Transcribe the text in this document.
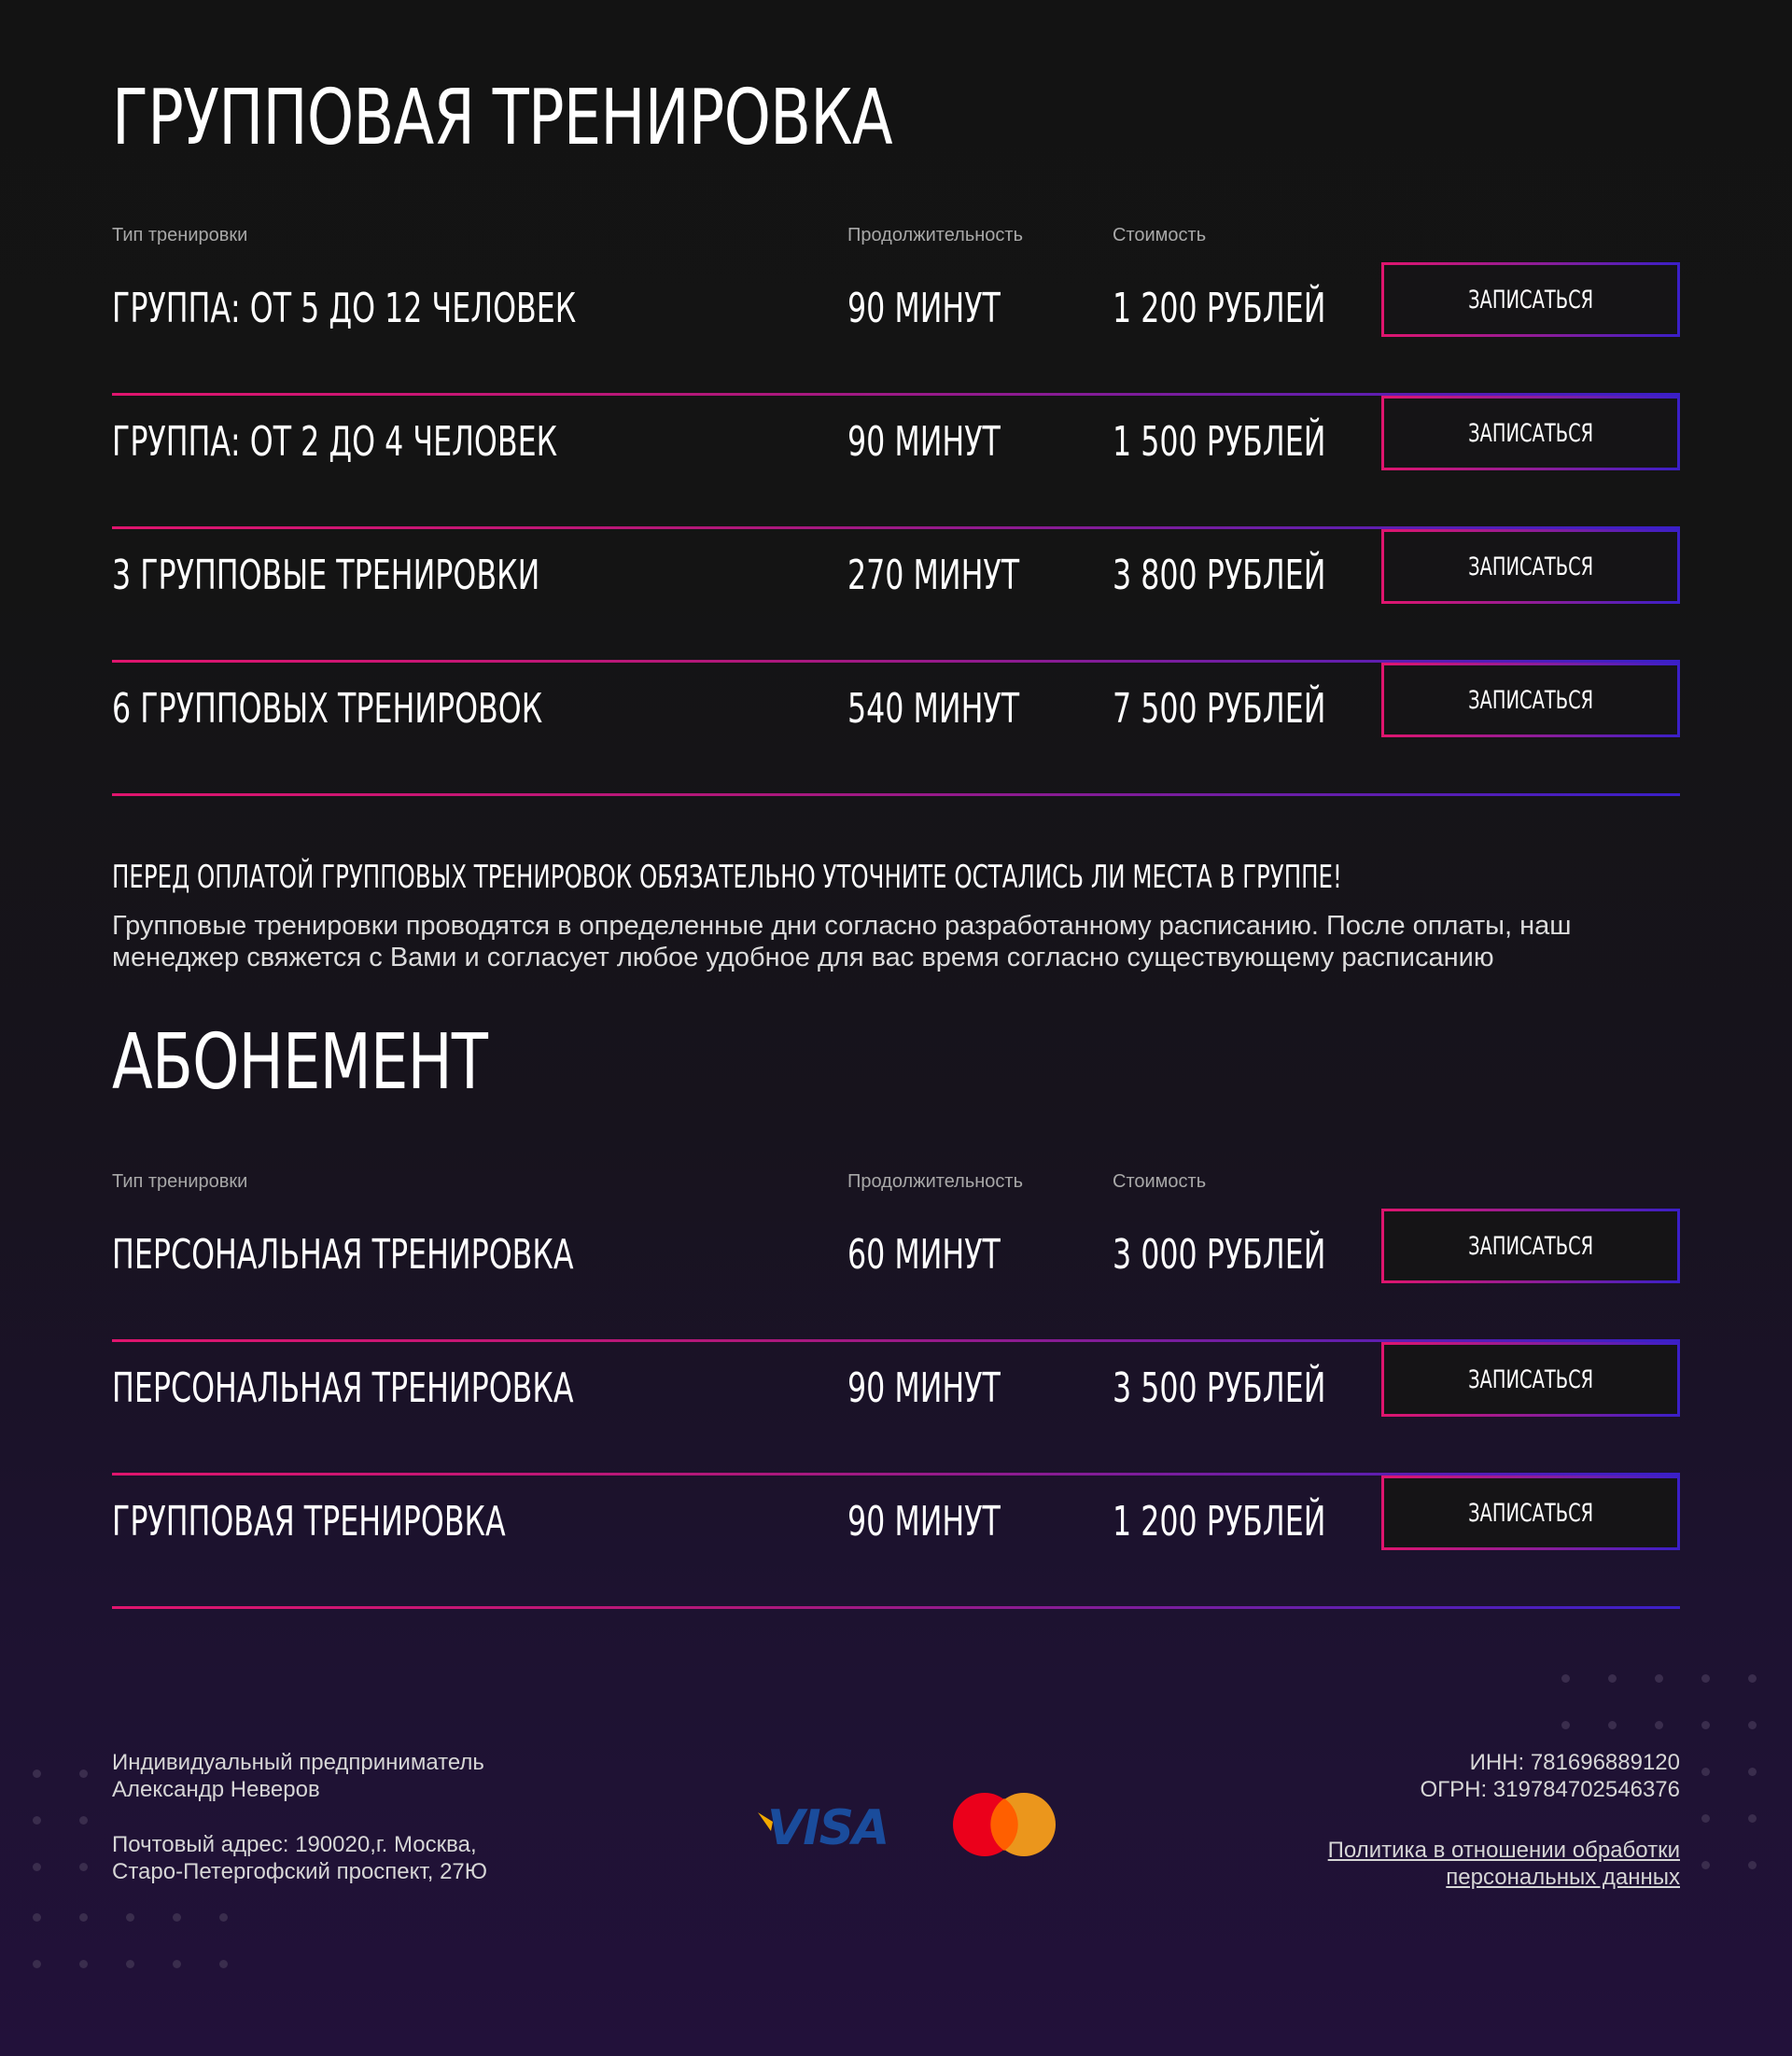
ГРУППОВАЯ ТРЕНИРОВКА
Тип тренировки	Продолжительность	Стоимость
ГРУППА: ОТ 5 ДО 12 ЧЕЛОВЕК	90 МИНУТ	1 200 РУБЛЕЙ	ЗАПИСАТЬСЯ
ГРУППА: ОТ 2 ДО 4 ЧЕЛОВЕК	90 МИНУТ	1 500 РУБЛЕЙ	ЗАПИСАТЬСЯ
3 ГРУППОВЫЕ ТРЕНИРОВКИ	270 МИНУТ	3 800 РУБЛЕЙ	ЗАПИСАТЬСЯ
6 ГРУППОВЫХ ТРЕНИРОВОК	540 МИНУТ	7 500 РУБЛЕЙ	ЗАПИСАТЬСЯ
ПЕРЕД ОПЛАТОЙ ГРУППОВЫХ ТРЕНИРОВОК ОБЯЗАТЕЛЬНО УТОЧНИТЕ ОСТАЛИСЬ ЛИ МЕСТА В ГРУППЕ!

Групповые тренировки проводятся в определенные дни согласно разработанному расписанию. После оплаты, наш менеджер свяжется с Вами и согласует любое удобное для вас время согласно существующему расписанию

АБОНЕМЕНТ
Тип тренировки	Продолжительность	Стоимость
ПЕРСОНАЛЬНАЯ ТРЕНИРОВКА	60 МИНУТ	3 000 РУБЛЕЙ	ЗАПИСАТЬСЯ
ПЕРСОНАЛЬНАЯ ТРЕНИРОВКА	90 МИНУТ	3 500 РУБЛЕЙ	ЗАПИСАТЬСЯ
ГРУППОВАЯ ТРЕНИРОВКА	90 МИНУТ	1 200 РУБЛЕЙ	ЗАПИСАТЬСЯ
Индивидуальный предприниматель
Александр Неверов
Почтовый адрес: 190020,г. Москва,
Старо-Петергофский проспект, 27Ю
VISA
ИНН: 781696889120
ОГРН: 319784702546376
Политика в отношении обработки
персональных данных
